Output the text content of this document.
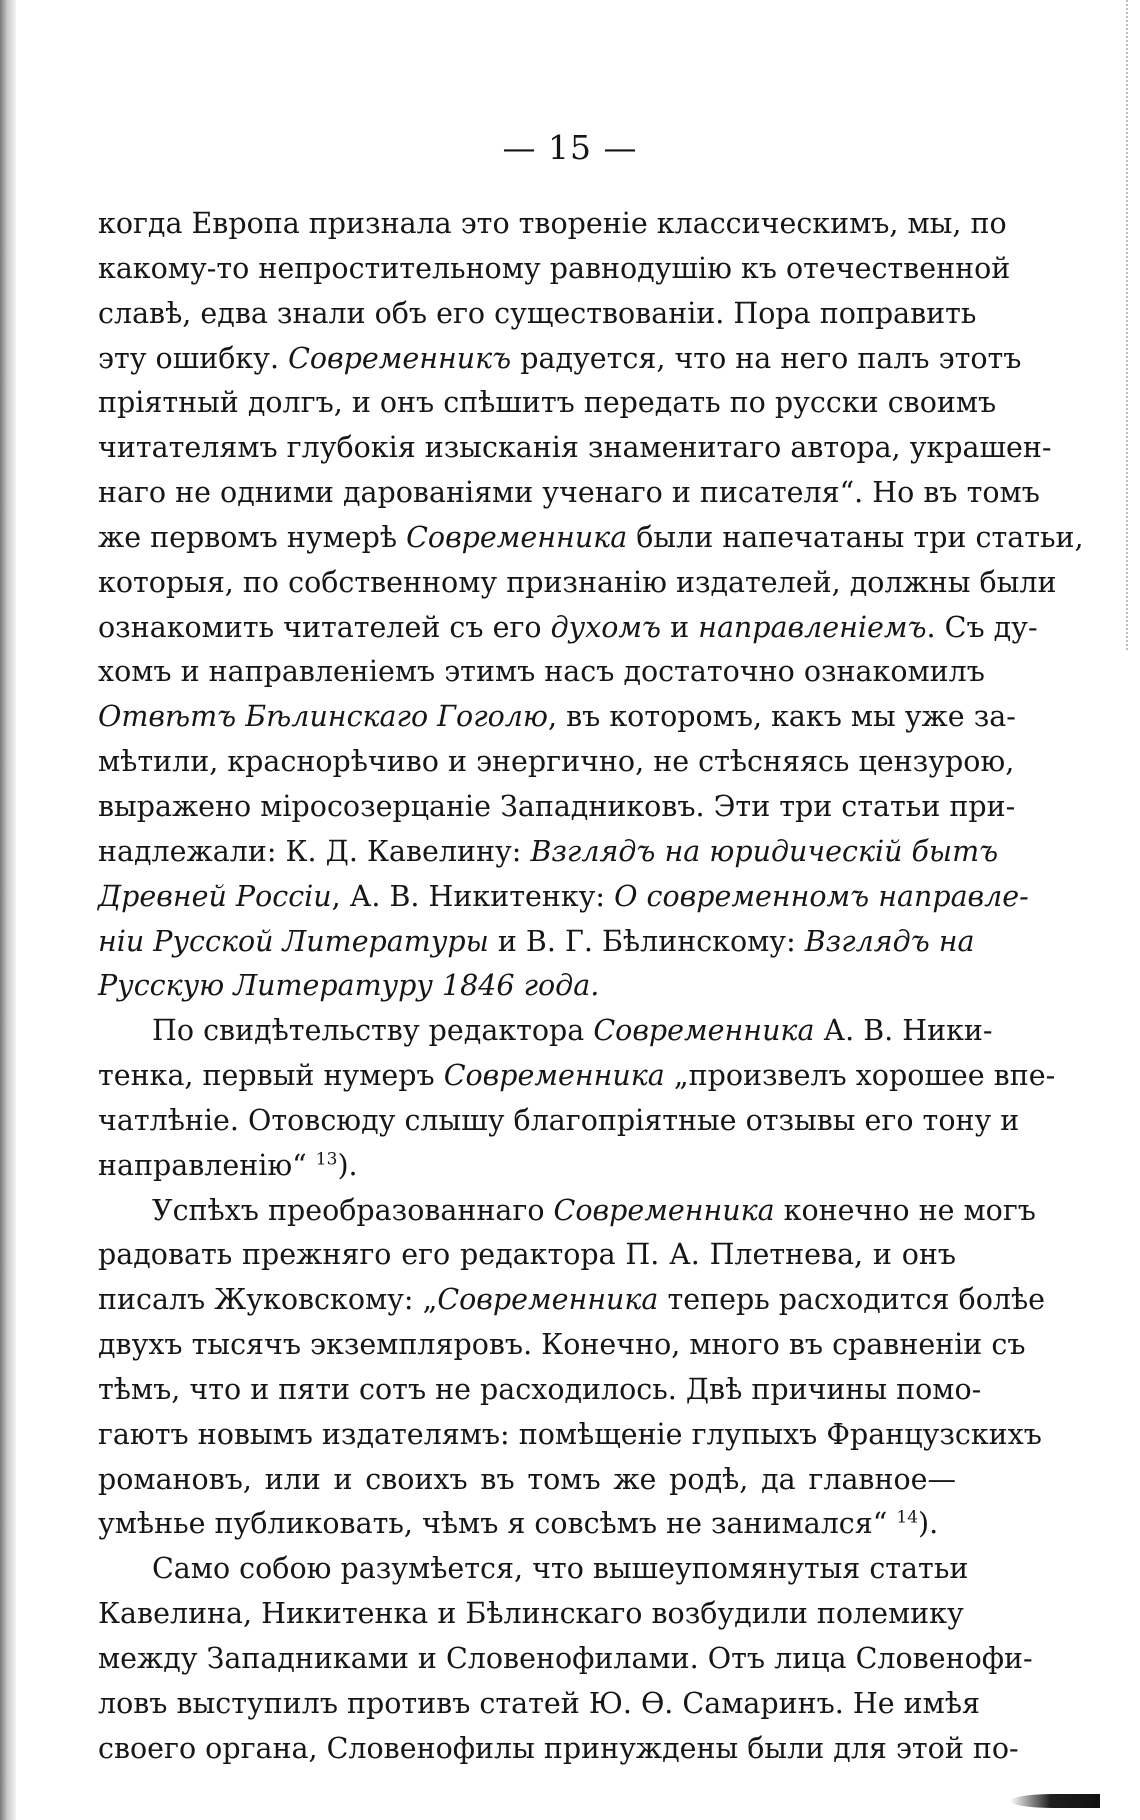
— 15 —
когда Европа признала это твореніе классическимъ, мы, по
какому-то непростительному равнодушію къ отечественной
славѣ, едва знали объ его существованіи. Пора поправить
эту ошибку. Современникъ радуется, что на него палъ этотъ
пріятный долгъ, и онъ спѣшитъ передать по русски своимъ
читателямъ глубокія изысканія знаменитаго автора, украшен-
наго не одними дарованіями ученаго и писателя“. Но въ томъ
же первомъ нумерѣ Современника были напечатаны три статьи,
которыя, по собственному признанію издателей, должны были
ознакомить читателей съ его духомъ и направленіемъ. Съ ду-
хомъ и направленіемъ этимъ насъ достаточно ознакомилъ
Отвѣтъ Бѣлинскаго Гоголю, въ которомъ, какъ мы уже за-
мѣтили, краснорѣчиво и энергично, не стѣсняясь цензурою,
выражено міросозерцаніе Западниковъ. Эти три статьи при-
надлежали: К. Д. Кавелину: Взглядъ на юридическій бытъ
Древней Россіи, А. В. Никитенку: О современномъ направле-
ніи Русской Литературы и В. Г. Бѣлинскому: Взглядъ на
Русскую Литературу 1846 года.
По свидѣтельству редактора Современника А. В. Ники-
тенка, первый нумеръ Современника „произвелъ хорошее впе-
чатлѣніе. Отовсюду слышу благопріятные отзывы его тону и
направленію“ $^{13}$).
Успѣхъ преобразованнаго Современника конечно не могъ
радовать прежняго его редактора П. А. Плетнева, и онъ
писалъ Жуковскому: „Современника теперь расходится болѣе
двухъ тысячъ экземпляровъ. Конечно, много въ сравненіи съ
тѣмъ, что и пяти сотъ не расходилось. Двѣ причины помо-
гаютъ новымъ издателямъ: помѣщеніе глупыхъ Французскихъ
романовъ, или и своихъ въ томъ же родѣ, да главное—
умѣнье публиковать, чѣмъ я совсѣмъ не занимался“ $^{14}$).
Само собою разумѣется, что вышеупомянутыя статьи
Кавелина, Никитенка и Бѣлинскаго возбудили полемику
между Западниками и Словенофилами. Отъ лица Словенофи-
ловъ выступилъ противъ статей Ю. Ѳ. Самаринъ. Не имѣя
своего органа, Словенофилы принуждены были для этой по-
